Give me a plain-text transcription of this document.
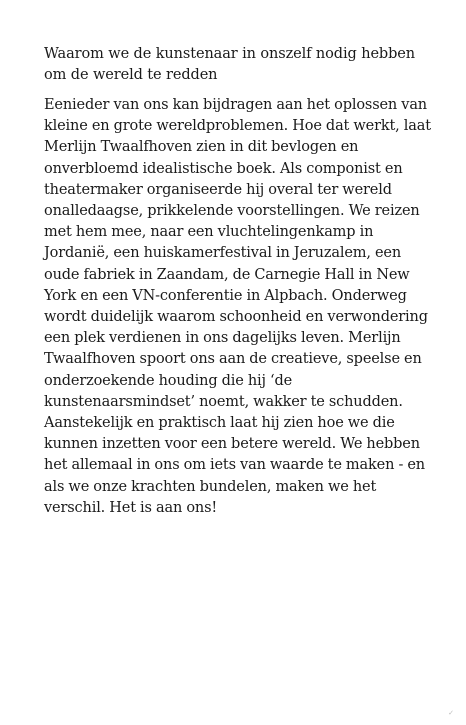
Waarom we de kunstenaar in onszelf nodig hebben om de wereld te redden

Eenieder van ons kan bijdragen aan het oplossen van kleine en grote wereldproblemen. Hoe dat werkt, laat Merlijn Twaalfhoven zien in dit bevlogen en onverbloemd idealistische boek. Als componist en theatermaker organiseerde hij overal ter wereld onalledaagse, prikkelende voorstellingen. We reizen met hem mee, naar een vluchtelingenkamp in Jordanië, een huiskamerfestival in Jeruzalem, een oude fabriek in Zaandam, de Carnegie Hall in New York en een VN-conferentie in Alpbach. Onderweg wordt duidelijk waarom schoonheid en verwondering een plek verdienen in ons dagelijks leven. Merlijn Twaalfhoven spoort ons aan de creatieve, speelse en onderzoekende houding die hij ‘de kunstenaarsmindset’ noemt, wakker te schudden. Aanstekelijk en praktisch laat hij zien hoe we die kunnen inzetten voor een betere wereld. We hebben het allemaal in ons om iets van waarde te maken - en als we onze krachten bundelen, maken we het verschil. Het is aan ons!

✓
